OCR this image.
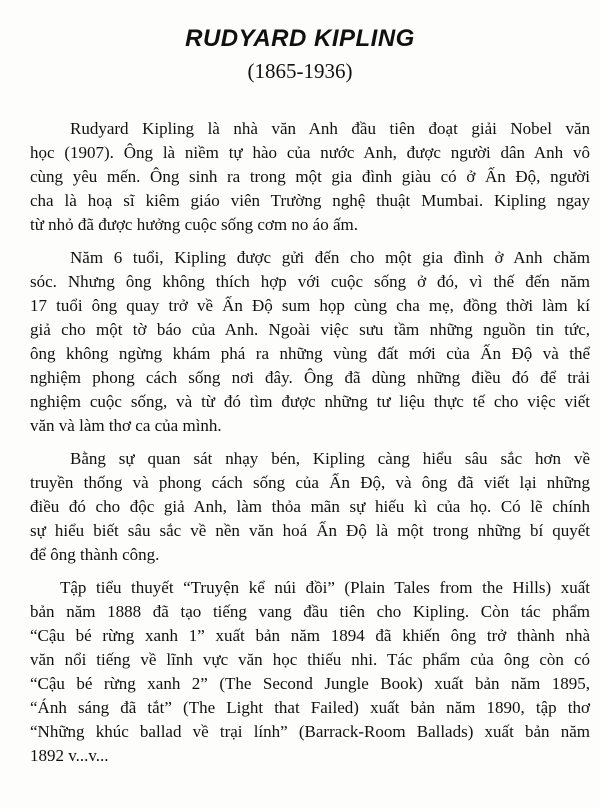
RUDYARD KIPLING
(1865-1936)
Rudyard Kipling là nhà văn Anh đầu tiên đoạt giải Nobel văn
học (1907). Ông là niềm tự hào của nước Anh, được người dân Anh vô
cùng yêu mến. Ông sinh ra trong một gia đình giàu có ở Ấn Độ, người
cha là hoạ sĩ kiêm giáo viên Trường nghệ thuật Mumbai. Kipling ngay
từ nhỏ đã được hưởng cuộc sống cơm no áo ấm.
Năm 6 tuổi, Kipling được gửi đến cho một gia đình ở Anh chăm
sóc. Nhưng ông không thích hợp với cuộc sống ở đó, vì thế đến năm
17 tuổi ông quay trở về Ấn Độ sum họp cùng cha mẹ, đồng thời làm kí
giả cho một tờ báo của Anh. Ngoài việc sưu tầm những nguồn tin tức,
ông không ngừng khám phá ra những vùng đất mới của Ấn Độ và thể
nghiệm phong cách sống nơi đây. Ông đã dùng những điều đó để trải
nghiệm cuộc sống, và từ đó tìm được những tư liệu thực tế cho việc viết
văn và làm thơ ca của mình.
Bằng sự quan sát nhạy bén, Kipling càng hiểu sâu sắc hơn về
truyền thống và phong cách sống của Ấn Độ, và ông đã viết lại những
điều đó cho độc giả Anh, làm thỏa mãn sự hiếu kì của họ. Có lẽ chính
sự hiểu biết sâu sắc về nền văn hoá Ấn Độ là một trong những bí quyết
để ông thành công.
Tập tiểu thuyết “Truyện kể núi đồi” (Plain Tales from the Hills) xuất
bản năm 1888 đã tạo tiếng vang đầu tiên cho Kipling. Còn tác phẩm
“Cậu bé rừng xanh 1” xuất bản năm 1894 đã khiến ông trở thành nhà
văn nổi tiếng về lĩnh vực văn học thiếu nhi. Tác phẩm của ông còn có
“Cậu bé rừng xanh 2” (The Second Jungle Book) xuất bản năm 1895,
“Ánh sáng đã tắt” (The Light that Failed) xuất bản năm 1890, tập thơ
“Những khúc ballad về trại lính” (Barrack-Room Ballads) xuất bản năm
1892 v...v...
